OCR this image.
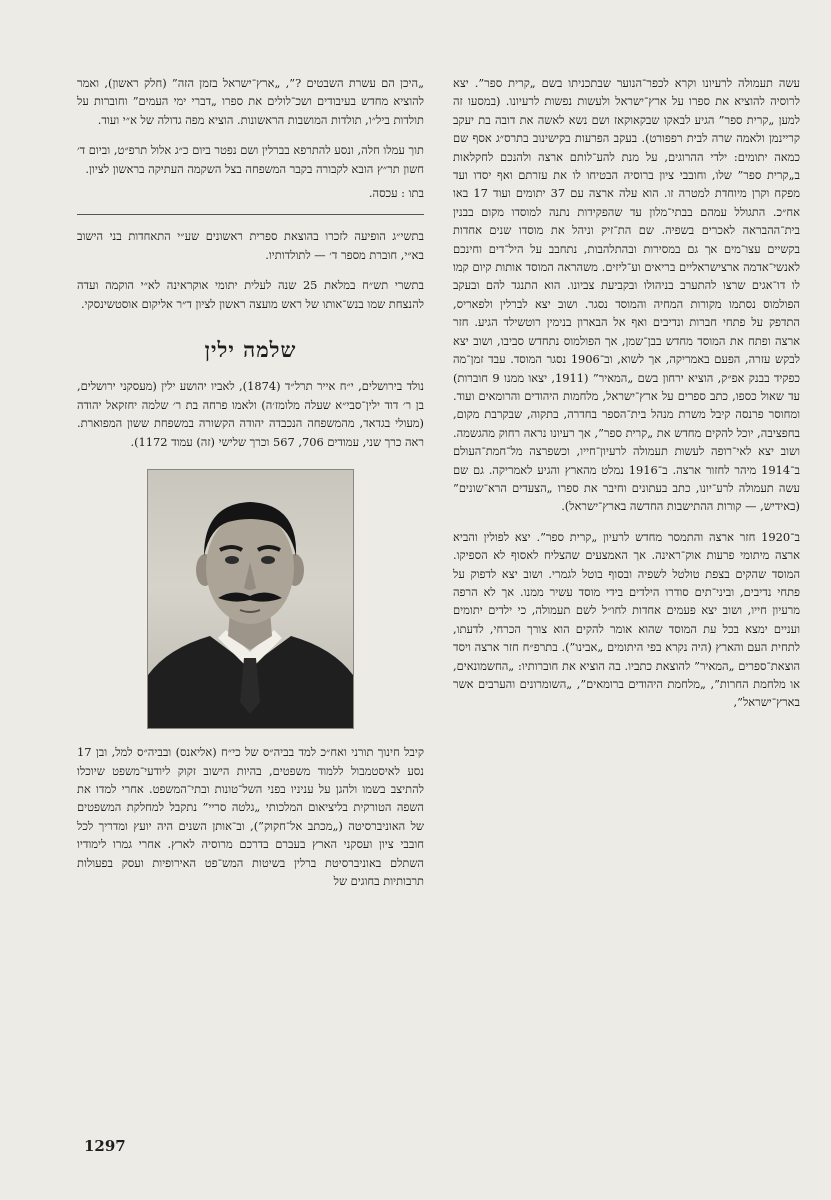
עשה תעמולה לרעיונו וקרא לכפר־הנוער שבתכניתו בשם „קרית ספר”. יצא לרוסיה להוציא את ספרו על ארץ־ישראל ולעשות נפשות לרעיונו. (במסעו זה למען „קרית ספר” הגיע לבאקו שבקאוקאז ושם נשא לאשה את דובה בת יעקב קריינמן ולאמה שרה לבית רפפורט). בעקב הפרעות בקישינוב בתרס״ג אסף שם כמאה יתומים: ילדי ההרוגים, על מנת להע־לותם ארצה ולהנכם לחקלאות ב„קרית ספר” שלו, וחובבי ציון ברוסיה הבטיחו לו את עזרתם ואף יסדו ועד מפקח וקרן מיוחדת למטרה זו. הוא עלה ארצה עם 37 יתומים ועוד 17 באו אח״כ. התגולל עמהם בבתי־מלון עד שהפקידות נתנה למוסדו מקום בבנין בית־ההבראה לאכרים בשפיה. שם הת־זיק וניהל את מוסדו שנים אחדות בקשיים עצו־מים אך גם במסירות ובהתלהבות, נתחבב על היל־דים וחינכם לאנשי־אדמה ארצישראליים בריאים וע־ליזים. משהראה המוסד אותות קיום קמו לו דו־אגים שרצו להתערב בניהולו ובקביעת צביונו. הוא התנגד להם ובעקב הפולמוס נסתמו מקורות המחיה והמוסד נסגר. ושוב יצא לברלין ולפאריס, התדפק על פתחי חברות ונדיבים ואף אל הבארון בנימין רוטשילד הגיע. חזר ארצה ופתח את המוסד מחדש בבן־שמן, אך הפולמוס נתחדש סביבו, ושוב יצא לבקש עזרה, הפעם באמריקה, אך לשוא, וב־1906 נסגר המוסד. עבד זמן־מה כפקיד בבנק אפ״ק, הוציא ירחון בשם „המאיר” (1911, יצאו ממנו 9 חוברות) עד שאול כספו, כתב ספרים על ארץ־ישראל, מלחמות היהודים והרומאים ועוד. ומחוסר פרנסה קיבל משרת מנהל בית־הספר בחדרה, בתקוה, שבקרבת מקום, בחפציבה, יוכל להקים מחדש את „קרית ספר”, אך רעיונו נראה רחוק מהגשמה. ושוב יצא לאי־רופה לעשות תעמולה לרעיון־חייו, וכשפרצה מל־חמת־העולם ב־1914 מיהר לחזור ארצה. ב־1916 נמלט מהארץ והגיע לאמריקה. גם שם עשה תעמולה לרע־יונו, כתב בעתונים וחיבר את ספרו „הצעדים הרא־שונים” (באידיש, — קורות ההתישבות החדשה בארץ־ישראל).

ב־1920 חזר ארצה והתמסר מחדש לרעיון „קרית ספר”. יצא לפולין והביא ארצה מיתומי פרעות אוק־ראינה. אך האמצעים שהצליח לאסוף לא הספיקו. המוסד שהקים בצפת טולטל לשפיה ובסוף בוטל לגמרי. ושוב יצא לדפוק על פתחי נדיבים, וביני־תים סודרו הילדים בידי מוסד עשיר ממנו. אך לא הרפה מרעיון חייו, ושוב יצא פעמים אחדות לחו״ל לשם תעמולה, כי ילדים יתומים ועניים ימצא בכל עת המוסד שהוא אומר להקים הוא צורך הכרחי, לדעתו, לתחית העם והארץ (היה נקרא בפי היתומים „אבינו”). בתרפ״ח חזר ארצה ויסד הוצאת־ספרים „המאיר” להוצאת כתביו. בה הוציא את חוברותיו: „החשמונאים, או מלחמת החרות”, „מלחמת היהודים ברומאים”, „השומרונים והערבים אשר בארץ־ישראל”,

„היכן הם עשרת השבטים ?”, „ארץ־ישראל בזמן הזה” (חלק ראשון), ואמר להוציא מחדש בעיבודים ושכ־לולים את ספרו „דברי ימי העמים” וחוברות על תולדות ביל״ו, תולדות המושבות הראשונות. הוציא מפה גדולה של א״י ועוד.

תוך עמלו חלה, ונסע להתרפא בברלין ושם נפטר ביום כ״ג אלול תרפ״ט, וביום ד׳ חשון תר״ץ הובא לקבורה בקבר המשפחה בצל השקמה העתיקה בראשון לציון.

בתו : עכסה.

בתשי״ג הופיעה לזכרו בהוצאת ספרית ראשונים שע״י התאחדות בני הישוב בא״י, חוברת מספר ד׳ — לתולדותיו.

בתשרי תש״ח במלאת 25 שנה לעלית יתומי אוקראינה לא״י הוקמה ועדה להנצחת שמו בנש־אותו של ראש מועצה ראשון לציון ד״ר אליקום אוסטשינסקי.

שלמה ילין

נולד בירושלים, י״ח אייר תרל״ד (1874), לאביו יהושע ילין (מעסקני ירושלים, בן ר׳ דוד ילין־סבי״א שעלה מלומז׳ה) ולאמו פרחה בת ר׳ שלמה יחזקאל יהודה (מעולי בגדאד, מהמשפחה הנכבדה יהודה הקשורה במשפחת ששון המפוארת. ראה כרך שני, עמודים 706, 567 וכרך שלישי (זה) עמוד 1172).

קיבל חינוך תורני ואח״כ למד בביה״ס של כי״ח (אליאנס) ובביה״ס למל, ובן 17 נסע לאיסטמבול ללמוד משפטים, בהיות הישוב זקוק ליודעי־משפט שיוכלו להתיצב בשמו ולהגן על עניניו בפני השל־טונות ובתי־המשפט. אחרי למדו את השפה הטורקית בליציאום המלכותי „גלטה סריי” נתקבל למחלקת המשפטים של האוניברסיטה („מכתב אל־חקוק”), וב־אותן השנים היה יועץ ומדריך לכל חובבי ציון ועסקני הארץ בעברם בדרכם מרוסיה לארץ. אחרי גמרו לימודיו השתלם באוניברסיטת ברלין בשיטות המש־פט האירופיות ועסק בפעולות תרבותיות בחוגים של

1297
